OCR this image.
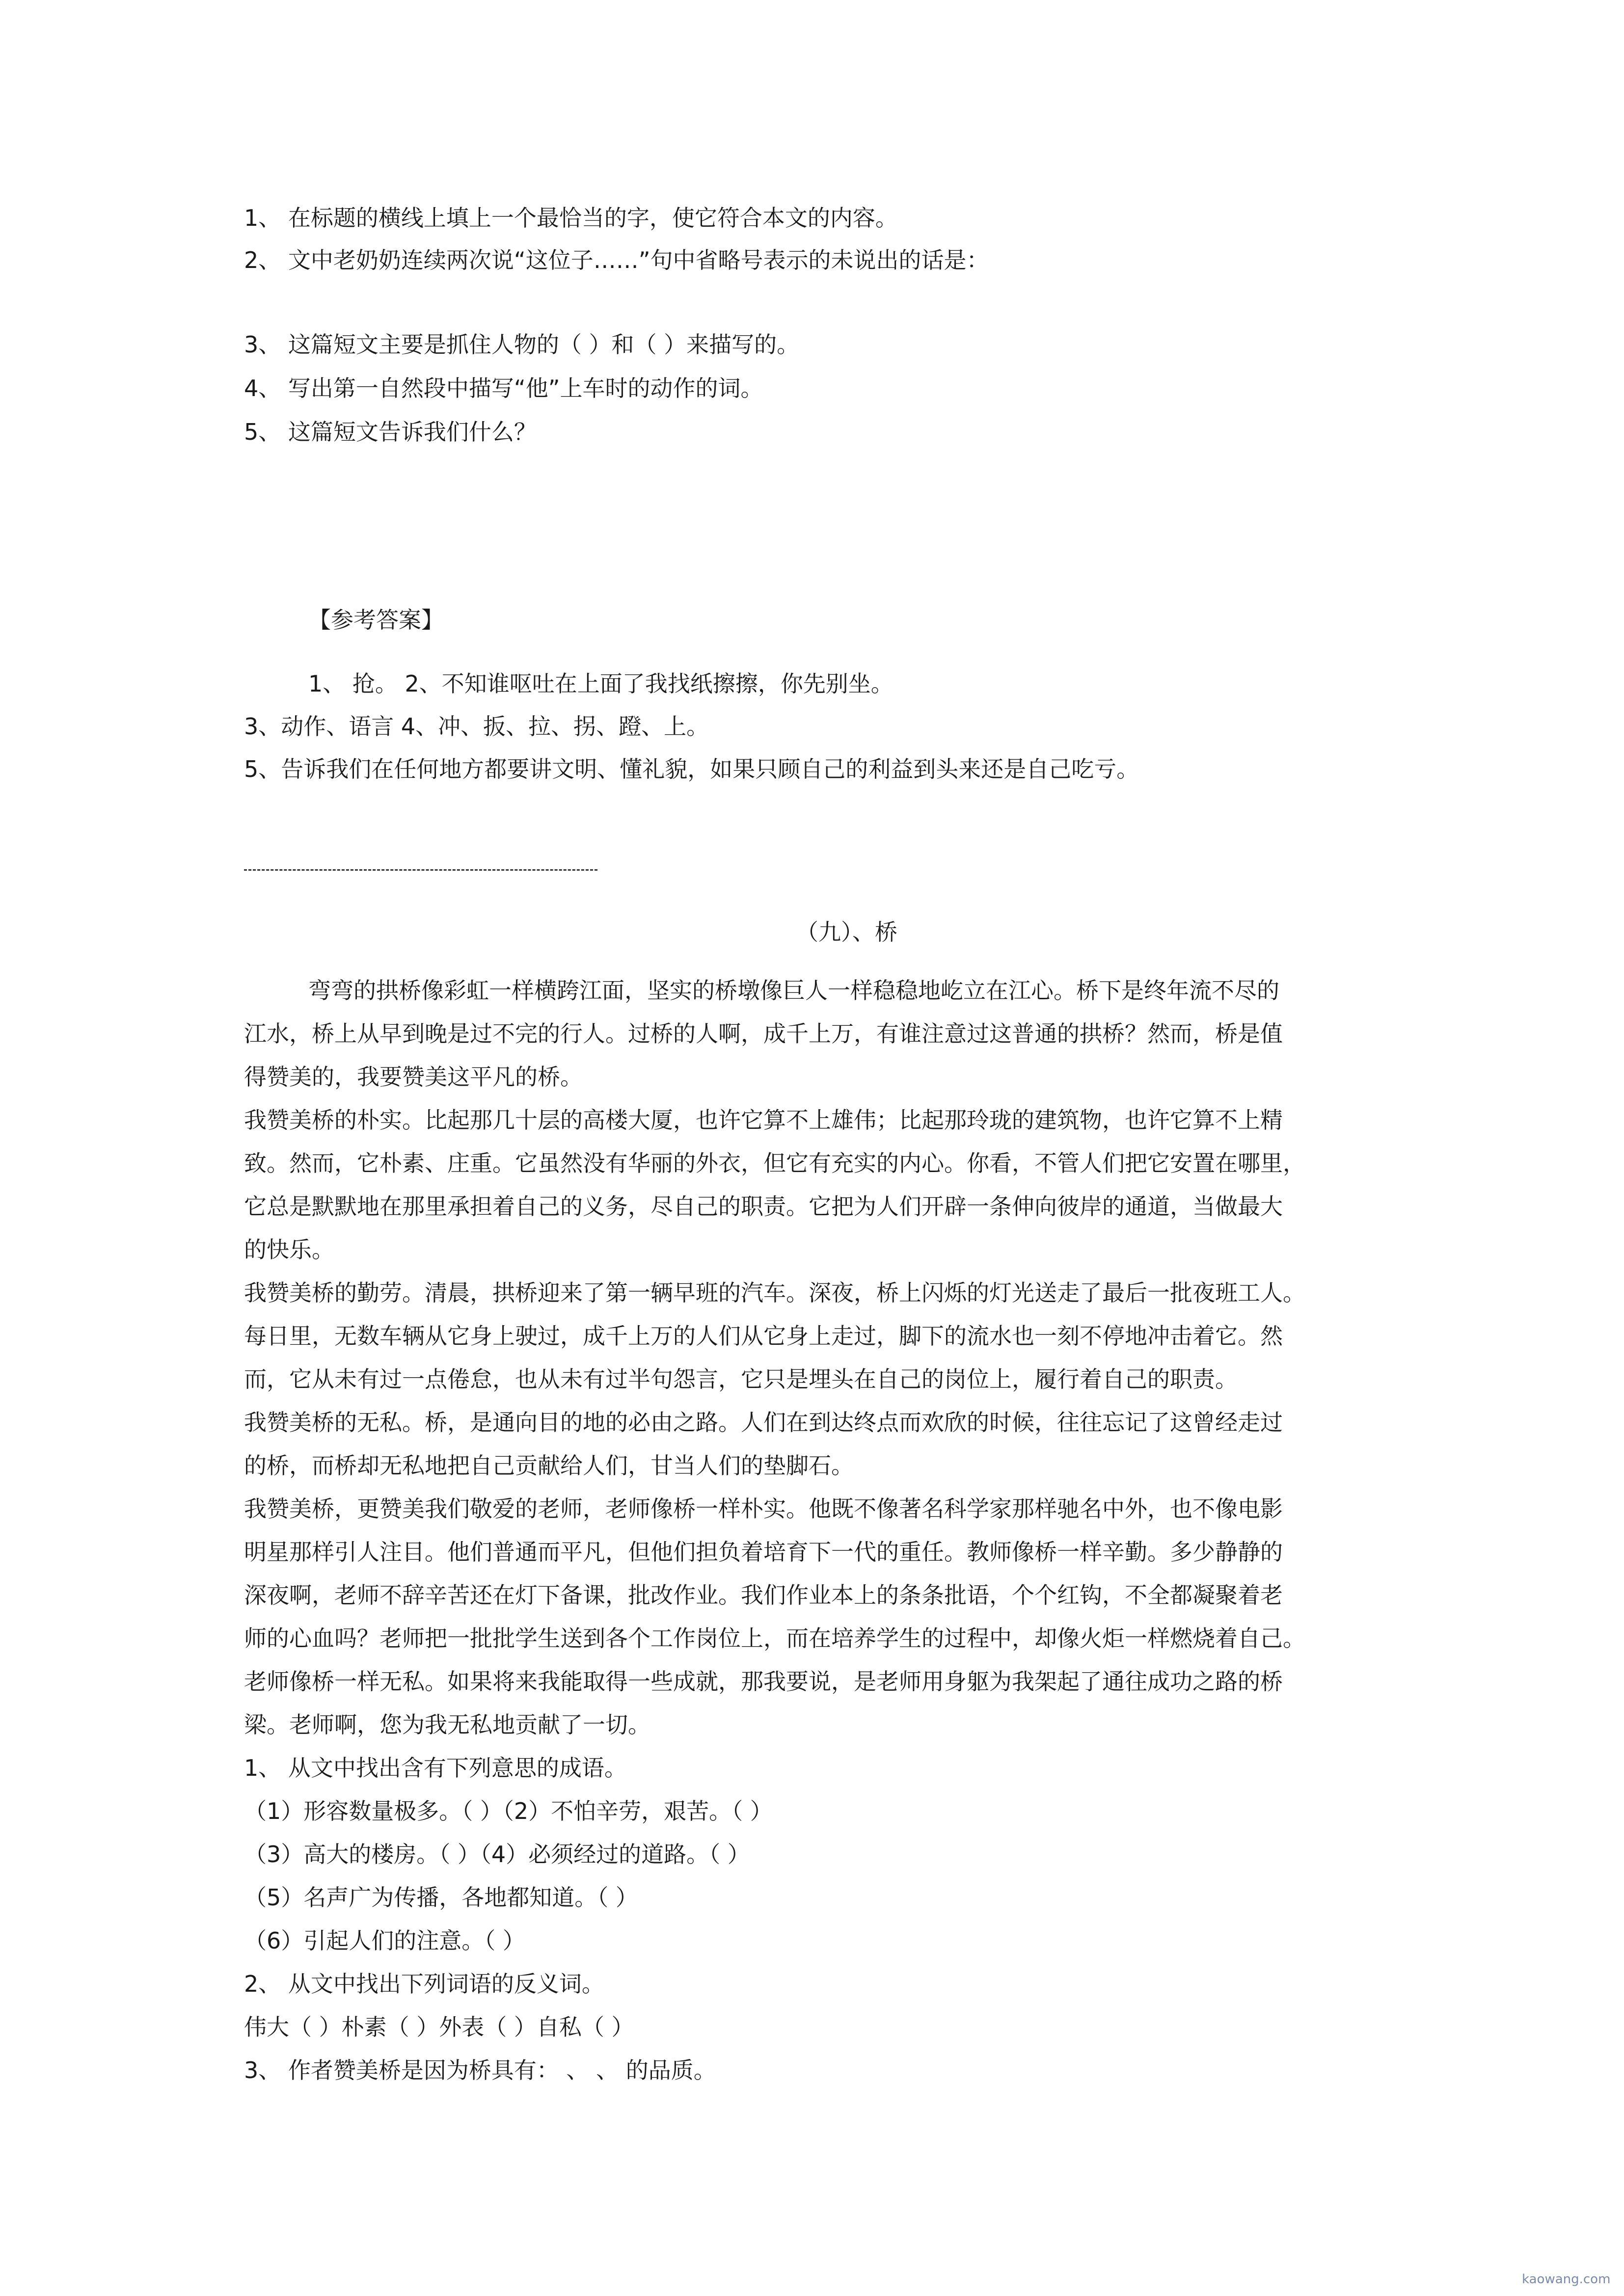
1、 在标题的横线上填上一个最恰当的字，使它符合本文的内容。
2、 文中老奶奶连续两次说“这位子……”句中省略号表示的未说出的话是：
3、 这篇短文主要是抓住人物的（ ）和（ ）来描写的。
4、 写出第一自然段中描写“他”上车时的动作的词。
5、 这篇短文告诉我们什么？
【参考答案】
1、 抢。 2、不知谁呕吐在上面了我找纸擦擦，你先别坐。
3、动作、语言 4、冲、扳、拉、拐、蹬、上。
5、告诉我们在任何地方都要讲文明、懂礼貌，如果只顾自己的利益到头来还是自己吃亏。
（九）、桥
弯弯的拱桥像彩虹一样横跨江面，坚实的桥墩像巨人一样稳稳地屹立在江心。桥下是终年流不尽的
江水，桥上从早到晚是过不完的行人。过桥的人啊，成千上万，有谁注意过这普通的拱桥？然而，桥是值
得赞美的，我要赞美这平凡的桥。
我赞美桥的朴实。比起那几十层的高楼大厦，也许它算不上雄伟；比起那玲珑的建筑物，也许它算不上精
致。然而，它朴素、庄重。它虽然没有华丽的外衣，但它有充实的内心。你看，不管人们把它安置在哪里，
它总是默默地在那里承担着自己的义务，尽自己的职责。它把为人们开辟一条伸向彼岸的通道，当做最大
的快乐。
我赞美桥的勤劳。清晨，拱桥迎来了第一辆早班的汽车。深夜，桥上闪烁的灯光送走了最后一批夜班工人。
每日里，无数车辆从它身上驶过，成千上万的人们从它身上走过，脚下的流水也一刻不停地冲击着它。然
而，它从未有过一点倦怠，也从未有过半句怨言，它只是埋头在自己的岗位上，履行着自己的职责。
我赞美桥的无私。桥，是通向目的地的必由之路。人们在到达终点而欢欣的时候，往往忘记了这曾经走过
的桥，而桥却无私地把自己贡献给人们，甘当人们的垫脚石。
我赞美桥，更赞美我们敬爱的老师，老师像桥一样朴实。他既不像著名科学家那样驰名中外，也不像电影
明星那样引人注目。他们普通而平凡，但他们担负着培育下一代的重任。教师像桥一样辛勤。多少静静的
深夜啊，老师不辞辛苦还在灯下备课，批改作业。我们作业本上的条条批语，个个红钩，不全都凝聚着老
师的心血吗？老师把一批批学生送到各个工作岗位上，而在培养学生的过程中，却像火炬一样燃烧着自己。
老师像桥一样无私。如果将来我能取得一些成就，那我要说，是老师用身躯为我架起了通往成功之路的桥
梁。老师啊，您为我无私地贡献了一切。
1、 从文中找出含有下列意思的成语。
（1）形容数量极多。（ ）（2）不怕辛劳，艰苦。（ ）
（3）高大的楼房。（ ）（4）必须经过的道路。（ ）
（5）名声广为传播，各地都知道。（ ）
（6）引起人们的注意。（ ）
2、 从文中找出下列词语的反义词。
伟大（ ）朴素（ ）外表（ ）自私（ ）
3、 作者赞美桥是因为桥具有： 、 、 的品质。
kaowang.com
